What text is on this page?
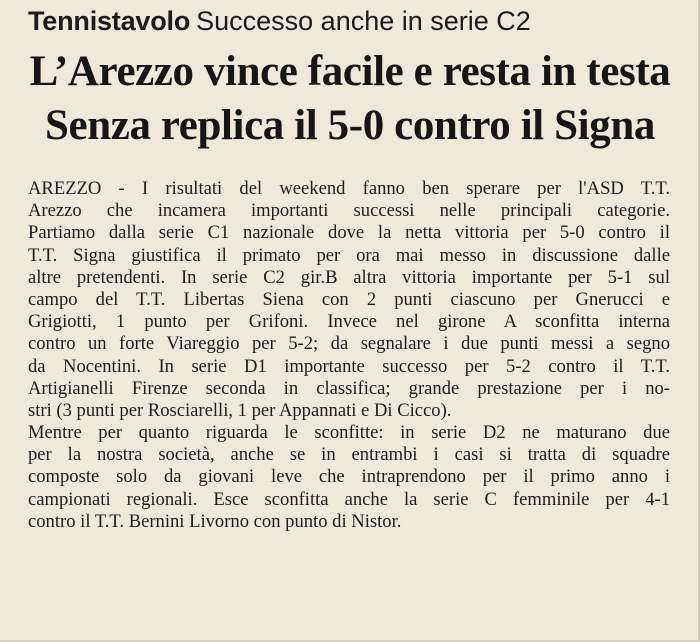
Tennistavolo Successo anche in serie C2
L’Arezzo vince facile e resta in testa
Senza replica il 5-0 contro il Signa
AREZZO - I risultati del weekend fanno ben sperare per l'ASD T.T.
Arezzo che incamera importanti successi nelle principali categorie.
Partiamo dalla serie C1 nazionale dove la netta vittoria per 5-0 contro il
T.T. Signa giustifica il primato per ora mai messo in discussione dalle
altre pretendenti. In serie C2 gir.B altra vittoria importante per 5-1 sul
campo del T.T. Libertas Siena con 2 punti ciascuno per Gnerucci e
Grigiotti, 1 punto per Grifoni. Invece nel girone A sconfitta interna
contro un forte Viareggio per 5-2; da segnalare i due punti messi a segno
da Nocentini. In serie D1 importante successo per 5-2 contro il T.T.
Artigianelli Firenze seconda in classifica; grande prestazione per i no-
stri (3 punti per Rosciarelli, 1 per Appannati e Di Cicco).
Mentre per quanto riguarda le sconfitte: in serie D2 ne maturano due
per la nostra società, anche se in entrambi i casi si tratta di squadre
composte solo da giovani leve che intraprendono per il primo anno i
campionati regionali. Esce sconfitta anche la serie C femminile per 4-1
contro il T.T. Bernini Livorno con punto di Nistor.
